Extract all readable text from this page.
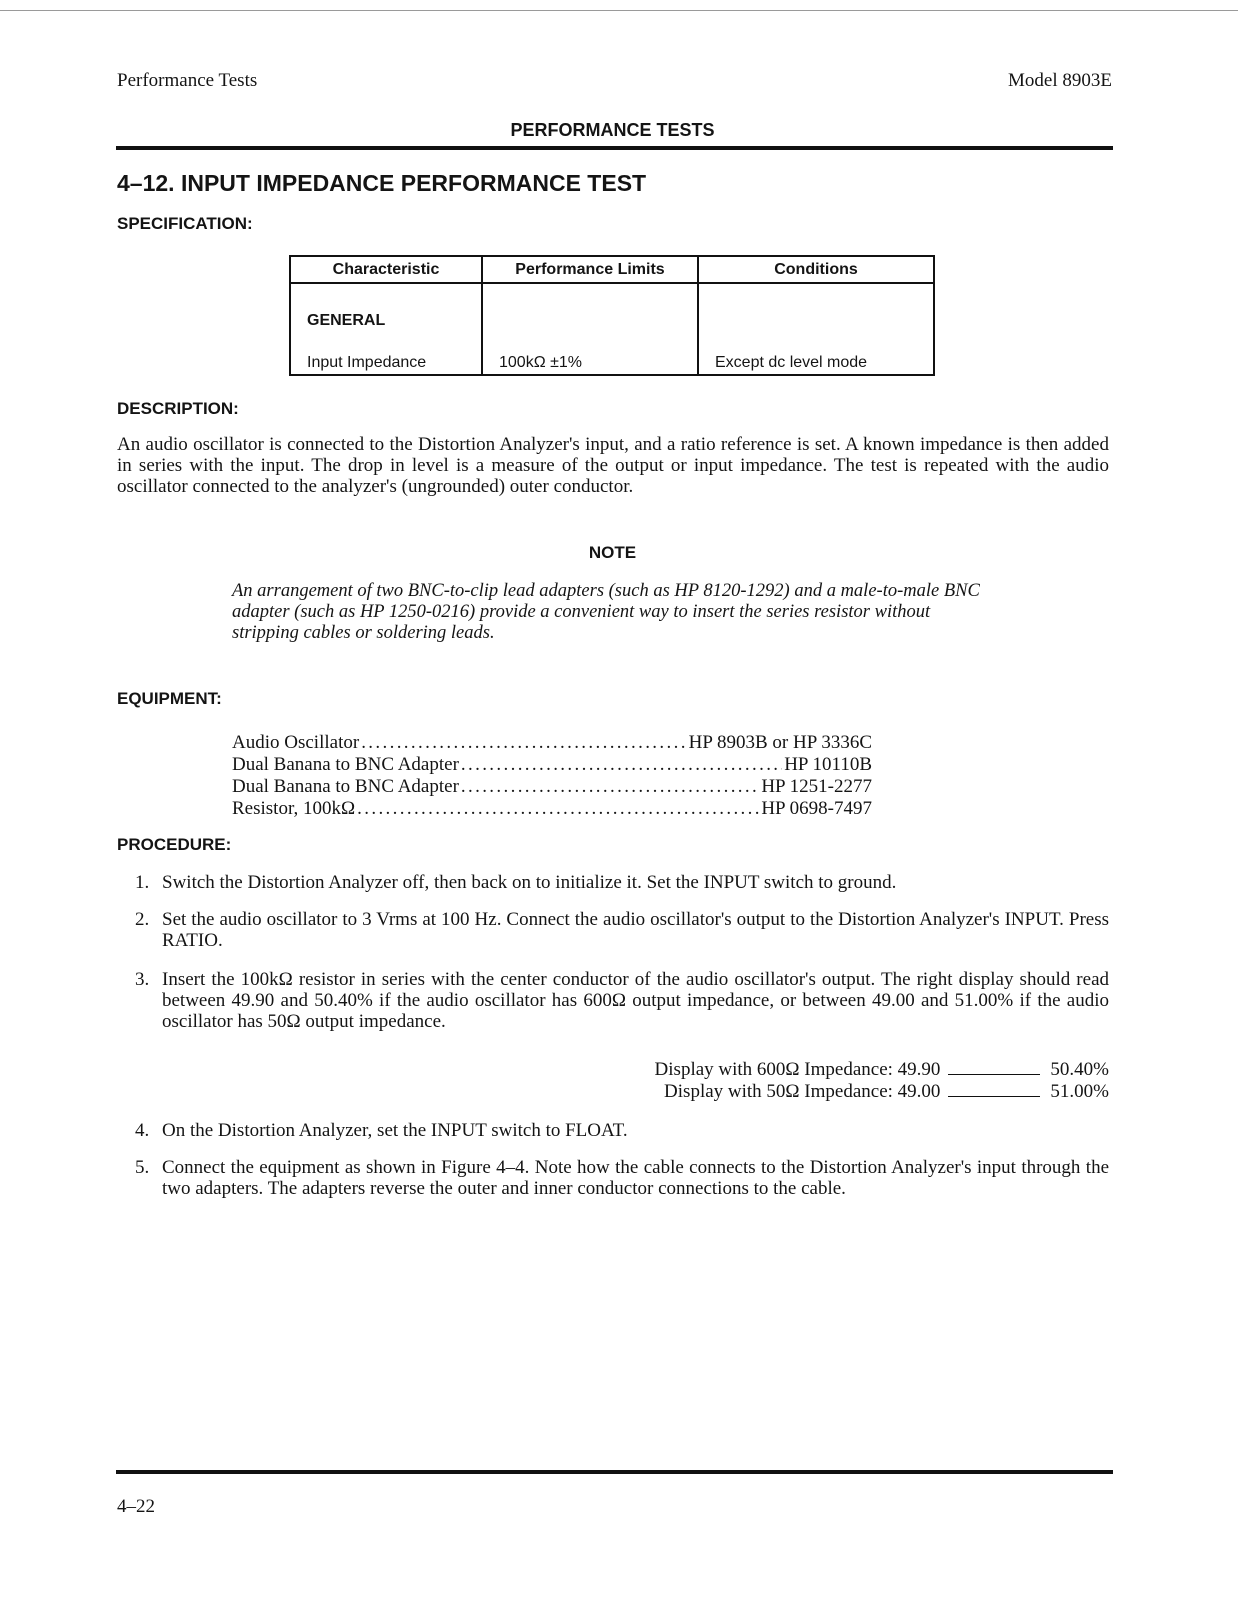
Performance Tests	Model 8903E
PERFORMANCE TESTS
4–12. INPUT IMPEDANCE PERFORMANCE TEST
SPECIFICATION:
Characteristic	Performance Limits	Conditions
GENERAL		
Input Impedance	100kΩ ±1%	Except dc level mode
DESCRIPTION:
An audio oscillator is connected to the Distortion Analyzer's input, and a ratio reference is set. A known impedance is then added in series with the input. The drop in level is a measure of the output or input impedance. The test is repeated with the audio oscillator connected to the analyzer's (ungrounded) outer conductor.
NOTE
An arrangement of two BNC-to-clip lead adapters (such as HP 8120-1292) and a male-to-male BNC adapter (such as HP 1250-0216) provide a convenient way to insert the series resistor without stripping cables or soldering leads.
EQUIPMENT:
Audio Oscillator . . .	HP 8903B or HP 3336C
Dual Banana to BNC Adapter . . .	HP 10110B
Dual Banana to BNC Adapter . . .	HP 1251-2277
Resistor, 100kΩ . . .	HP 0698-7497
PROCEDURE:
1. Switch the Distortion Analyzer off, then back on to initialize it. Set the INPUT switch to ground.
2. Set the audio oscillator to 3 Vrms at 100 Hz. Connect the audio oscillator's output to the Distortion Analyzer's INPUT. Press RATIO.
3. Insert the 100kΩ resistor in series with the center conductor of the audio oscillator's output. The right display should read between 49.90 and 50.40% if the audio oscillator has 600Ω output impedance, or between 49.00 and 51.00% if the audio oscillator has 50Ω output impedance.
Display with 600Ω Impedance: 49.90	50.40%
Display with 50Ω Impedance: 49.00	51.00%
4. On the Distortion Analyzer, set the INPUT switch to FLOAT.
5. Connect the equipment as shown in Figure 4–4. Note how the cable connects to the Distortion Analyzer's input through the two adapters. The adapters reverse the outer and inner conductor connections to the cable.
4–22
